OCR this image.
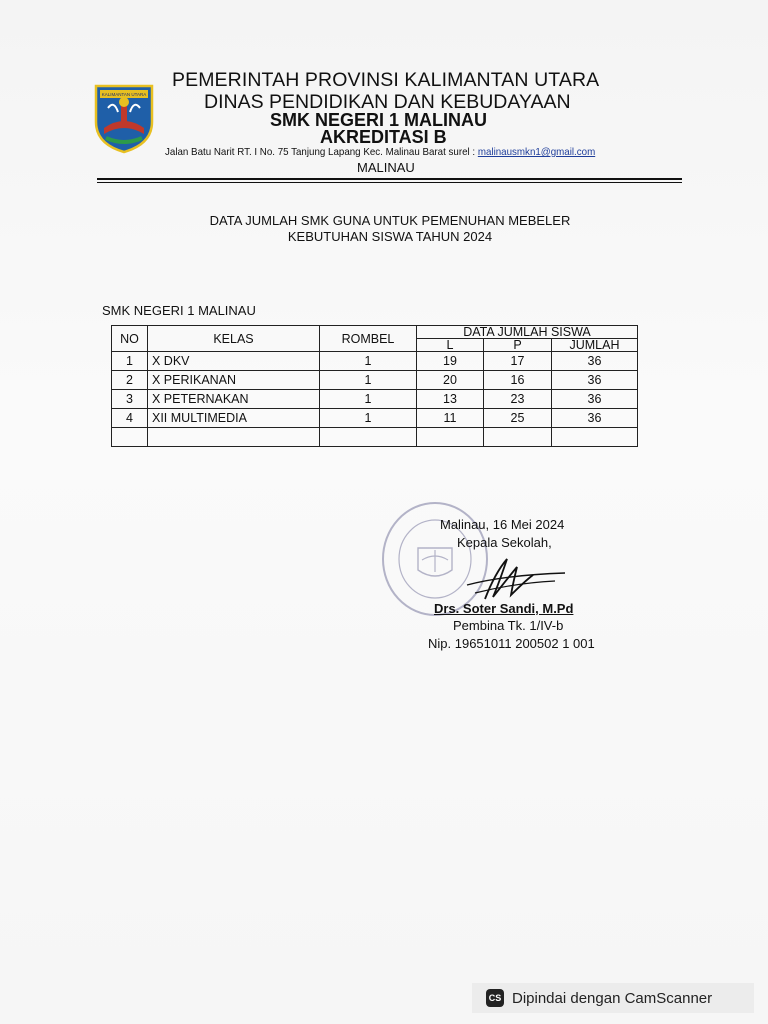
KALIMANTAN UTARA
PEMERINTAH PROVINSI KALIMANTAN UTARA
DINAS PENDIDIKAN DAN KEBUDAYAAN
SMK NEGERI 1 MALINAU
AKREDITASI B
Jalan Batu Narit RT. I No. 75 Tanjung Lapang Kec. Malinau Barat surel : malinausmkn1@gmail.com
MALINAU
DATA JUMLAH SMK GUNA UNTUK PEMENUHAN MEBELER
KEBUTUHAN SISWA TAHUN 2024
SMK NEGERI 1 MALINAU
NO	KELAS	ROMBEL	DATA JUMLAH SISWA		
			L	P	JUMLAH
1	X DKV	1	19	17	36
2	X PERIKANAN	1	20	16	36
3	X PETERNAKAN	1	13	23	36
4	XII MULTIMEDIA	1	11	25	36

Malinau, 16 Mei 2024
Kepala Sekolah,
Drs. Soter Sandi, M.Pd
Pembina Tk. 1/IV-b
Nip. 19651011 200502 1 001
CS Dipindai dengan CamScanner
